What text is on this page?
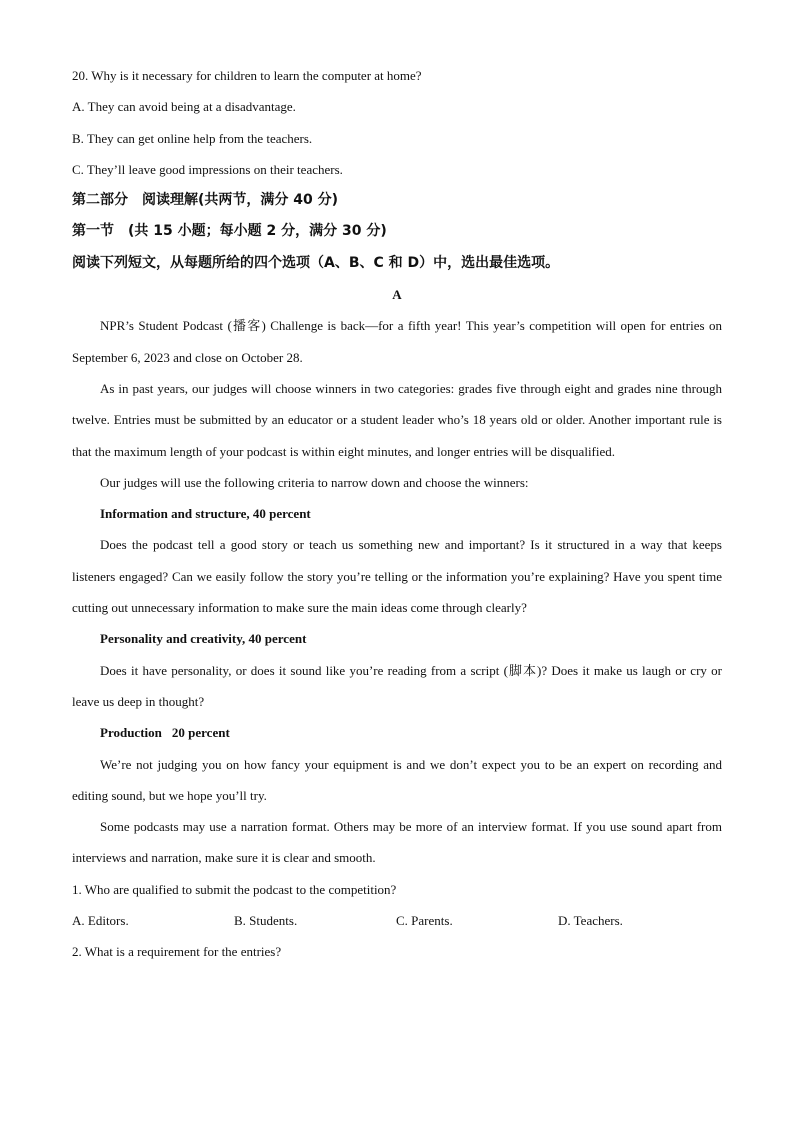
20. Why is it necessary for children to learn the computer at home?

A. They can avoid being at a disadvantage.

B. They can get online help from the teachers.

C. They’ll leave good impressions on their teachers.

第二部分　阅读理解(共两节，满分 40 分)

第一节　(共 15 小题；每小题 2 分，满分 30 分)

阅读下列短文，从每题所给的四个选项（A、B、C 和 D）中，选出最佳选项。

A

NPR’s Student Podcast (播客) Challenge is back—for a fifth year! This year’s competition will open for entries on September 6, 2023 and close on October 28.

As in past years, our judges will choose winners in two categories: grades five through eight and grades nine through twelve. Entries must be submitted by an educator or a student leader who’s 18 years old or older. Another important rule is that the maximum length of your podcast is within eight minutes, and longer entries will be disqualified.

Our judges will use the following criteria to narrow down and choose the winners:

Information and structure, 40 percent

Does the podcast tell a good story or teach us something new and important? Is it structured in a way that keeps listeners engaged? Can we easily follow the story you’re telling or the information you’re explaining? Have you spent time cutting out unnecessary information to make sure the main ideas come through clearly?

Personality and creativity, 40 percent

Does it have personality, or does it sound like you’re reading from a script (脚本)? Does it make us laugh or cry or leave us deep in thought?

Production 20 percent

We’re not judging you on how fancy your equipment is and we don’t expect you to be an expert on recording and editing sound, but we hope you’ll try.

Some podcasts may use a narration format. Others may be more of an interview format. If you use sound apart from interviews and narration, make sure it is clear and smooth.

1. Who are qualified to submit the podcast to the competition?

A. Editors.	B. Students.	C. Parents.	D. Teachers.

2. What is a requirement for the entries?
